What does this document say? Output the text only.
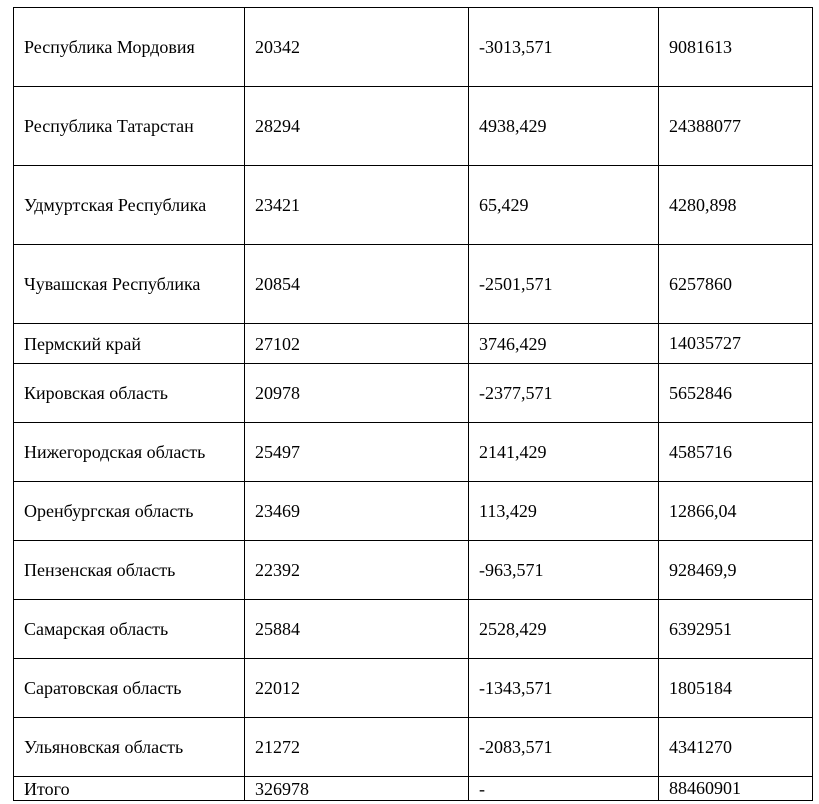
Республика Мордовия	20342	-3013,571	9081613

Республика Татарстан	28294	4938,429	24388077

Удмуртская Республика	23421	65,429	4280,898

Чувашская Республика	20854	-2501,571	6257860

Пермский край	27102	3746,429	14035727

Кировская область	20978	-2377,571	5652846

Нижегородская область	25497	2141,429	4585716

Оренбургская область	23469	113,429	12866,04

Пензенская область	22392	-963,571	928469,9

Самарская область	25884	2528,429	6392951

Саратовская область	22012	-1343,571	1805184

Ульяновская область	21272	-2083,571	4341270

Итого	326978	-	88460901
